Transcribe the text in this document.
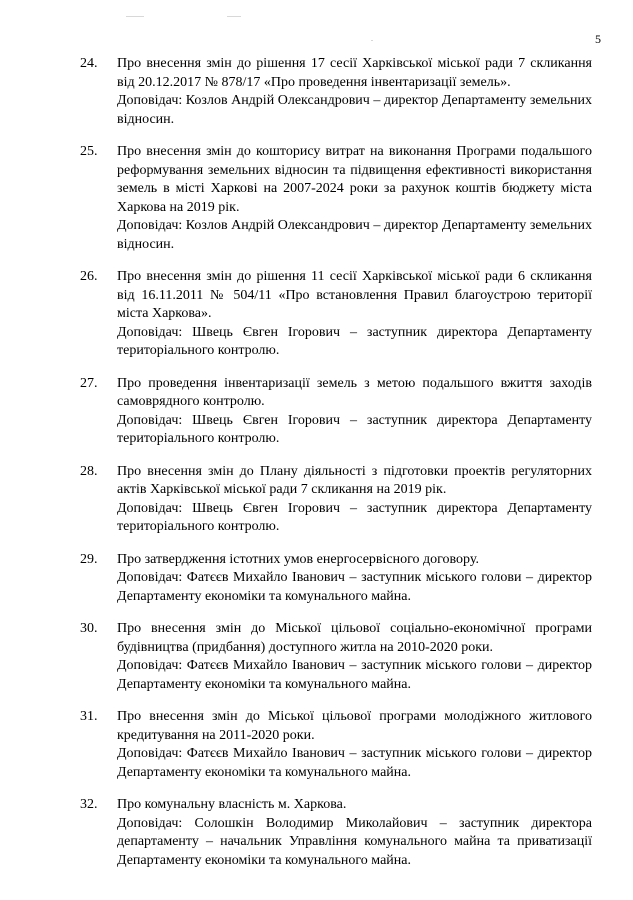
5
24.	Про внесення змін до рішення 17 сесії Харківської міської ради 7 скликання від 20.12.2017 № 878/17 «Про проведення інвентаризації земель».
Доповідач: Козлов Андрій Олександрович – директор Департаменту земельних відносин.
25.	Про внесення змін до кошторису витрат на виконання Програми подальшого реформування земельних відносин та підвищення ефективності використання земель в місті Харкові на 2007-2024 роки за рахунок коштів бюджету міста Харкова на 2019 рік.
Доповідач: Козлов Андрій Олександрович – директор Департаменту земельних відносин.
26.	Про внесення змін до рішення 11 сесії Харківської міської ради 6 скликання від 16.11.2011 № 504/11 «Про встановлення Правил благоустрою території міста Харкова».
Доповідач: Швець Євген Ігорович – заступник директора Департаменту територіального контролю.
27.	Про проведення інвентаризації земель з метою подальшого вжиття заходів самоврядного контролю.
Доповідач: Швець Євген Ігорович – заступник директора Департаменту територіального контролю.
28.	Про внесення змін до Плану діяльності з підготовки проектів регуляторних актів Харківської міської ради 7 скликання на 2019 рік.
Доповідач: Швець Євген Ігорович – заступник директора Департаменту територіального контролю.
29.	Про затвердження істотних умов енергосервісного договору.
Доповідач: Фатєєв Михайло Іванович – заступник міського голови – директор Департаменту економіки та комунального майна.
30.	Про внесення змін до Міської цільової соціально-економічної програми будівництва (придбання) доступного житла на 2010-2020 роки.
Доповідач: Фатєєв Михайло Іванович – заступник міського голови – директор Департаменту економіки та комунального майна.
31.	Про внесення змін до Міської цільової програми молодіжного житлового кредитування на 2011-2020 роки.
Доповідач: Фатєєв Михайло Іванович – заступник міського голови – директор Департаменту економіки та комунального майна.
32.	Про комунальну власність м. Харкова.
Доповідач: Солошкін Володимир Миколайович – заступник директора департаменту – начальник Управління комунального майна та приватизації Департаменту економіки та комунального майна.
